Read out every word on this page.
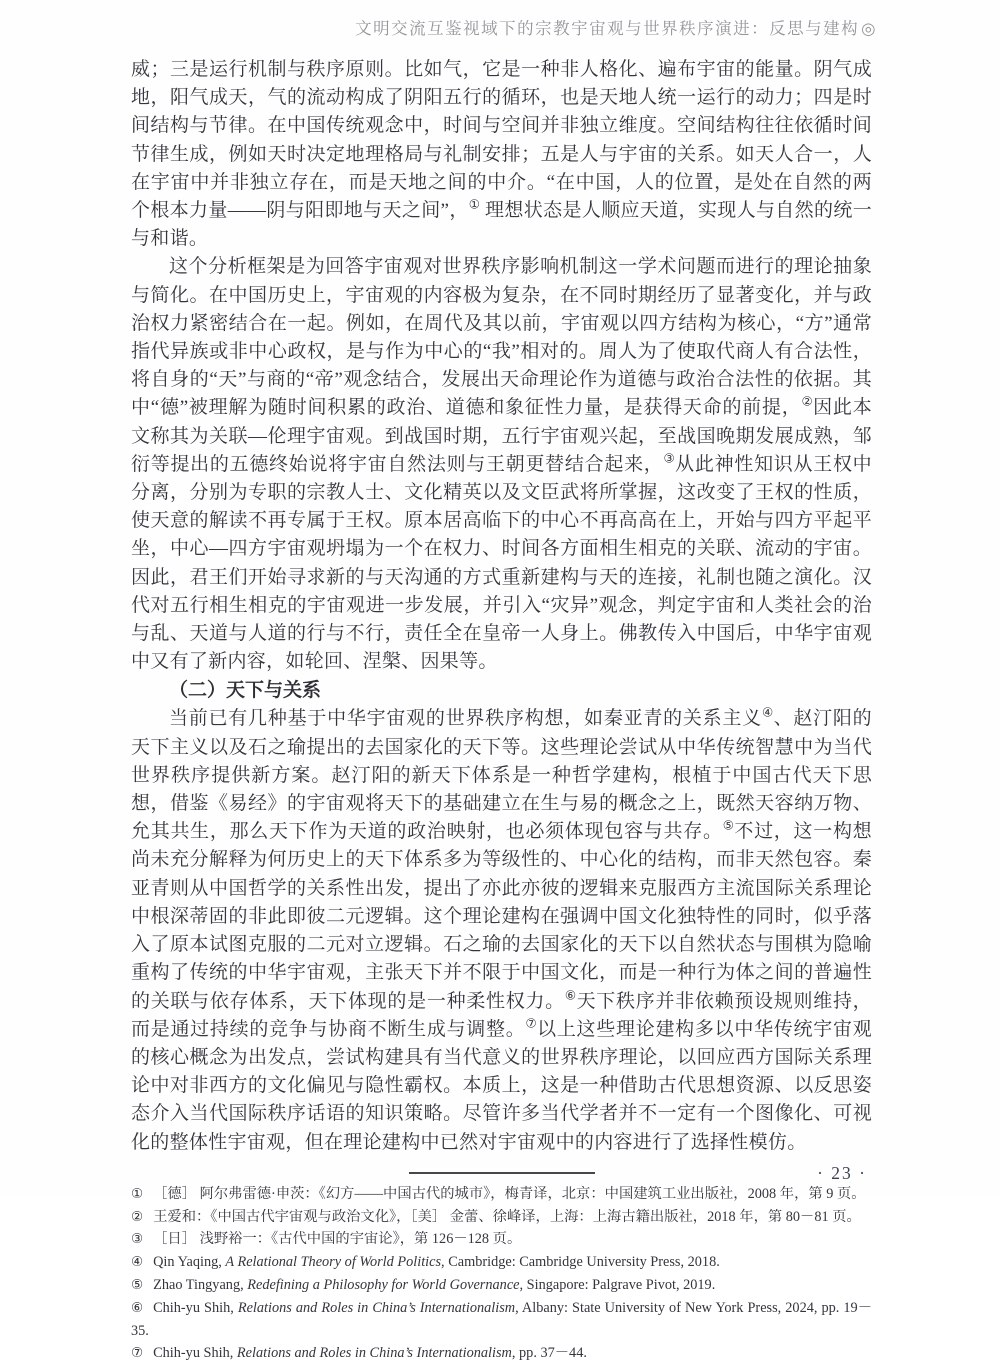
文明交流互鉴视域下的宗教宇宙观与世界秩序演进：反思与建构 ◎

威；三是运行机制与秩序原则。比如气，它是一种非人格化、遍布宇宙的能量。阴气成地，阳气成天，气的流动构成了阴阳五行的循环，也是天地人统一运行的动力；四是时间结构与节律。在中国传统观念中，时间与空间并非独立维度。空间结构往往依循时间节律生成，例如天时决定地理格局与礼制安排；五是人与宇宙的关系。如天人合一，人在宇宙中并非独立存在，而是天地之间的中介。“在中国，人的位置，是处在自然的两个根本力量——阴与阳即地与天之间”，① 理想状态是人顺应天道，实现人与自然的统一与和谐。

这个分析框架是为回答宇宙观对世界秩序影响机制这一学术问题而进行的理论抽象与简化。在中国历史上，宇宙观的内容极为复杂，在不同时期经历了显著变化，并与政治权力紧密结合在一起。例如，在周代及其以前，宇宙观以四方结构为核心，“方”通常指代异族或非中心政权，是与作为中心的“我”相对的。周人为了使取代商人有合法性，将自身的“天”与商的“帝”观念结合，发展出天命理论作为道德与政治合法性的依据。其中“德”被理解为随时间积累的政治、道德和象征性力量，是获得天命的前提，②因此本文称其为关联—伦理宇宙观。到战国时期，五行宇宙观兴起，至战国晚期发展成熟，邹衍等提出的五德终始说将宇宙自然法则与王朝更替结合起来，③从此神性知识从王权中分离，分别为专职的宗教人士、文化精英以及文臣武将所掌握，这改变了王权的性质，使天意的解读不再专属于王权。原本居高临下的中心不再高高在上，开始与四方平起平坐，中心—四方宇宙观坍塌为一个在权力、时间各方面相生相克的关联、流动的宇宙。因此，君王们开始寻求新的与天沟通的方式重新建构与天的连接，礼制也随之演化。汉代对五行相生相克的宇宙观进一步发展，并引入“灾异”观念，判定宇宙和人类社会的治与乱、天道与人道的行与不行，责任全在皇帝一人身上。佛教传入中国后，中华宇宙观中又有了新内容，如轮回、涅槃、因果等。

（二）天下与关系

当前已有几种基于中华宇宙观的世界秩序构想，如秦亚青的关系主义④、赵汀阳的天下主义以及石之瑜提出的去国家化的天下等。这些理论尝试从中华传统智慧中为当代世界秩序提供新方案。赵汀阳的新天下体系是一种哲学建构，根植于中国古代天下思想，借鉴《易经》的宇宙观将天下的基础建立在生与易的概念之上，既然天容纳万物、允其共生，那么天下作为天道的政治映射，也必须体现包容与共存。⑤不过，这一构想尚未充分解释为何历史上的天下体系多为等级性的、中心化的结构，而非天然包容。秦亚青则从中国哲学的关系性出发，提出了亦此亦彼的逻辑来克服西方主流国际关系理论中根深蒂固的非此即彼二元逻辑。这个理论建构在强调中国文化独特性的同时，似乎落入了原本试图克服的二元对立逻辑。石之瑜的去国家化的天下以自然状态与围棋为隐喻重构了传统的中华宇宙观，主张天下并不限于中国文化，而是一种行为体之间的普遍性的关联与依存体系，天下体现的是一种柔性权力。⑥天下秩序并非依赖预设规则维持，而是通过持续的竞争与协商不断生成与调整。⑦以上这些理论建构多以中华传统宇宙观的核心概念为出发点，尝试构建具有当代意义的世界秩序理论，以回应西方国际关系理论中对非西方的文化偏见与隐性霸权。本质上，这是一种借助古代思想资源、以反思姿态介入当代国际秩序话语的知识策略。尽管许多当代学者并不一定有一个图像化、可视化的整体性宇宙观，但在理论建构中已然对宇宙观中的内容进行了选择性模仿。

① ［德］ 阿尔弗雷德·申茨：《幻方——中国古代的城市》，梅青译，北京：中国建筑工业出版社，2008 年，第 9 页。
② 王爱和：《中国古代宇宙观与政治文化》，［美］ 金蕾、徐峰译，上海：上海古籍出版社，2018 年，第 80－81 页。
③ ［日］ 浅野裕一：《古代中国的宇宙论》，第 126－128 页。
④ Qin Yaqing, A Relational Theory of World Politics, Cambridge: Cambridge University Press, 2018.
⑤ Zhao Tingyang, Redefining a Philosophy for World Governance, Singapore: Palgrave Pivot, 2019.
⑥ Chih-yu Shih, Relations and Roles in China’s Internationalism, Albany: State University of New York Press, 2024, pp. 19－35.
⑦ Chih-yu Shih, Relations and Roles in China’s Internationalism, pp. 37－44.
· 23 ·
